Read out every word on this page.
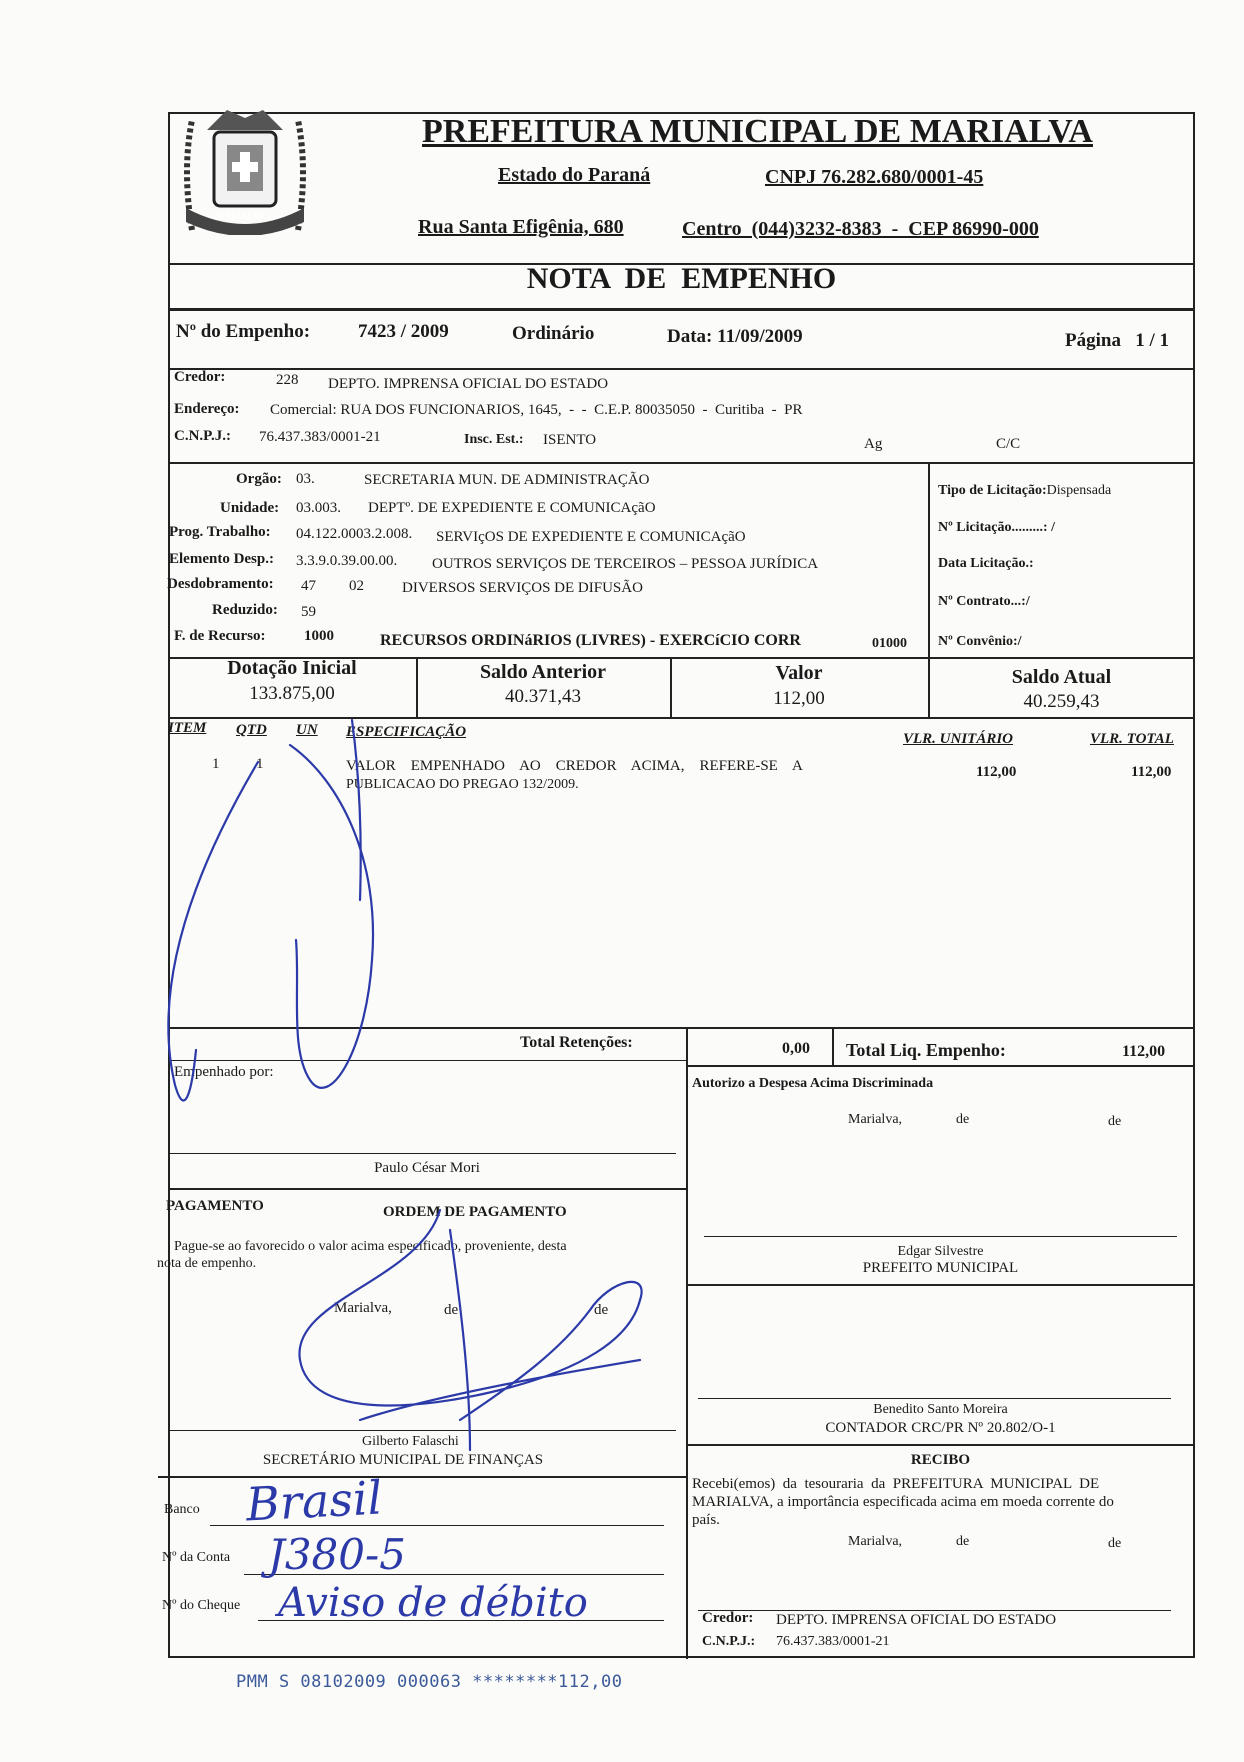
MARIALVA
PREFEITURA MUNICIPAL DE MARIALVA
Estado do Paraná	CNPJ 76.282.680/0001-45
Rua Santa Efigênia, 680	Centro  (044)3232-8383  -  CEP 86990-000
NOTA  DE  EMPENHO
Nº do Empenho:	7423 / 2009	Ordinário	Data: 11/09/2009	Página   1 / 1
Credor:	228 DEPTO. IMPRENSA OFICIAL DO ESTADO
Endereço: Comercial: RUA DOS FUNCIONARIOS, 1645,  -  -  C.E.P. 80035050  -  Curitiba  -  PR
C.N.P.J.: 76.437.383/0001-21	Insc. Est.: ISENTO	Ag	C/C
Orgão: 03.	SECRETARIA MUN. DE ADMINISTRAÇÃO
Unidade: 03.003. DEPTº. DE EXPEDIENTE E COMUNICAçãO
Prog. Trabalho: 04.122.0003.2.008. SERVIçOS DE EXPEDIENTE E COMUNICAçãO
Elemento Desp.: 3.3.9.0.39.00.00. OUTROS SERVIÇOS DE TERCEIROS – PESSOA JURÍDICA
Desdobramento: 47 02	DIVERSOS SERVIÇOS DE DIFUSÃO
Reduzido: 59
F. de Recurso:	1000	RECURSOS ORDINáRIOS (LIVRES) - EXERCíCIO CORR	01000
Tipo de Licitação:Dispensada
Nº Licitação.........: /
Data Licitação.:
Nº Contrato...:/
Nº Convênio:/
Dotação Inicial
133.875,00
Saldo Anterior
40.371,43
Valor
112,00
Saldo Atual
40.259,43
ITEM QTD UN ESPECIFICAÇÃO	VLR. UNITÁRIO	VLR. TOTAL
1 1	VALOR    EMPENHADO    AO    CREDOR    ACIMA,    REFERE-SE    A
PUBLICACAO DO PREGAO 132/2009.
112,00	112,00
Total Retenções:	0,00 Total Liq. Empenho:	112,00
Empenhado por:
Paulo César Mori
PAGAMENTO	ORDEM DE PAGAMENTO
Pague-se ao favorecido o valor acima especificado, proveniente, desta
nota de empenho.
Marialva,	de	de
Gilberto Falaschi
SECRETÁRIO MUNICIPAL DE FINANÇAS
Banco
Nº da Conta
Nº do Cheque
Brasil
J380-5
Aviso de débito
Autorizo a Despesa Acima Discriminada
Marialva,	de	de
Edgar Silvestre
PREFEITO MUNICIPAL
Benedito Santo Moreira
CONTADOR CRC/PR Nº 20.802/O-1
RECIBO
Recebi(emos)  da  tesouraria  da  PREFEITURA  MUNICIPAL  DE
MARIALVA, a importância especificada acima em moeda corrente do
país.
Marialva,	de	de
Credor: DEPTO. IMPRENSA OFICIAL DO ESTADO
C.N.P.J.: 76.437.383/0001-21
PMM S 08102009 000063 ********112,00
